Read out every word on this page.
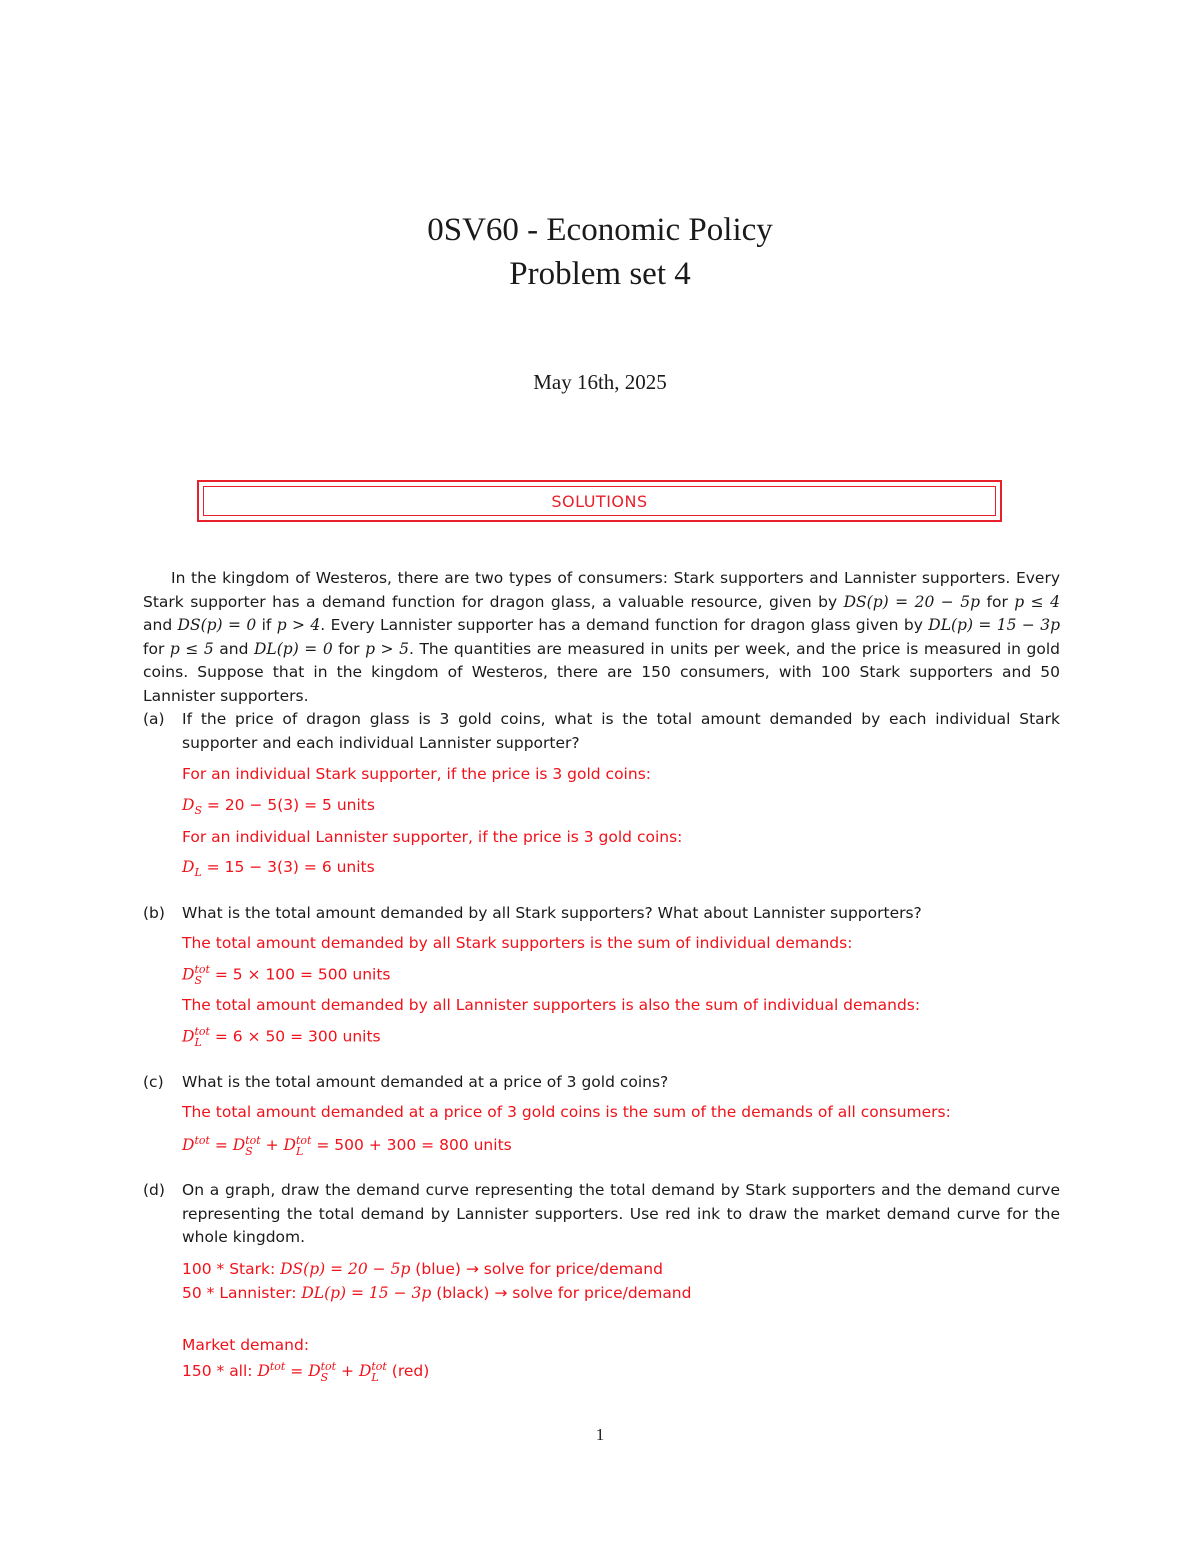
0SV60 - Economic Policy
Problem set 4
May 16th, 2025
SOLUTIONS
In the kingdom of Westeros, there are two types of consumers: Stark supporters and Lannister supporters. Every Stark supporter has a demand function for dragon glass, a valuable resource, given by DS(p) = 20 − 5p for p ≤ 4 and DS(p) = 0 if p > 4. Every Lannister supporter has a demand function for dragon glass given by DL(p) = 15 − 3p for p ≤ 5 and DL(p) = 0 for p > 5. The quantities are measured in units per week, and the price is measured in gold coins. Suppose that in the kingdom of Westeros, there are 150 consumers, with 100 Stark supporters and 50 Lannister supporters.
(a) If the price of dragon glass is 3 gold coins, what is the total amount demanded by each individual Stark supporter and each individual Lannister supporter?
For an individual Stark supporter, if the price is 3 gold coins:
$D_S = 20 - 5(3) = 5$ units
For an individual Lannister supporter, if the price is 3 gold coins:
$D_L = 15 - 3(3) = 6$ units
(b) What is the total amount demanded by all Stark supporters? What about Lannister supporters?
The total amount demanded by all Stark supporters is the sum of individual demands:
D tot
S = 5 × 100 = 500 units
The total amount demanded by all Lannister supporters is also the sum of individual demands:
D tot
L = 6 × 50 = 300 units
(c) What is the total amount demanded at a price of 3 gold coins?
The total amount demanded at a price of 3 gold coins is the sum of the demands of all consumers:
$D^{tot} = D$ tot
S + D tot
L = 500 + 300 = 800 units
(d) On a graph, draw the demand curve representing the total demand by Stark supporters and the demand curve representing the total demand by Lannister supporters. Use red ink to draw the market demand curve for the whole kingdom.
100 * Stark: DS(p) = 20 − 5p (blue) → solve for price/demand
50 * Lannister: DL(p) = 15 − 3p (black) → solve for price/demand
Market demand:
150 * all: $D^{tot} = D$ tot
S + D tot
L (red)
1
